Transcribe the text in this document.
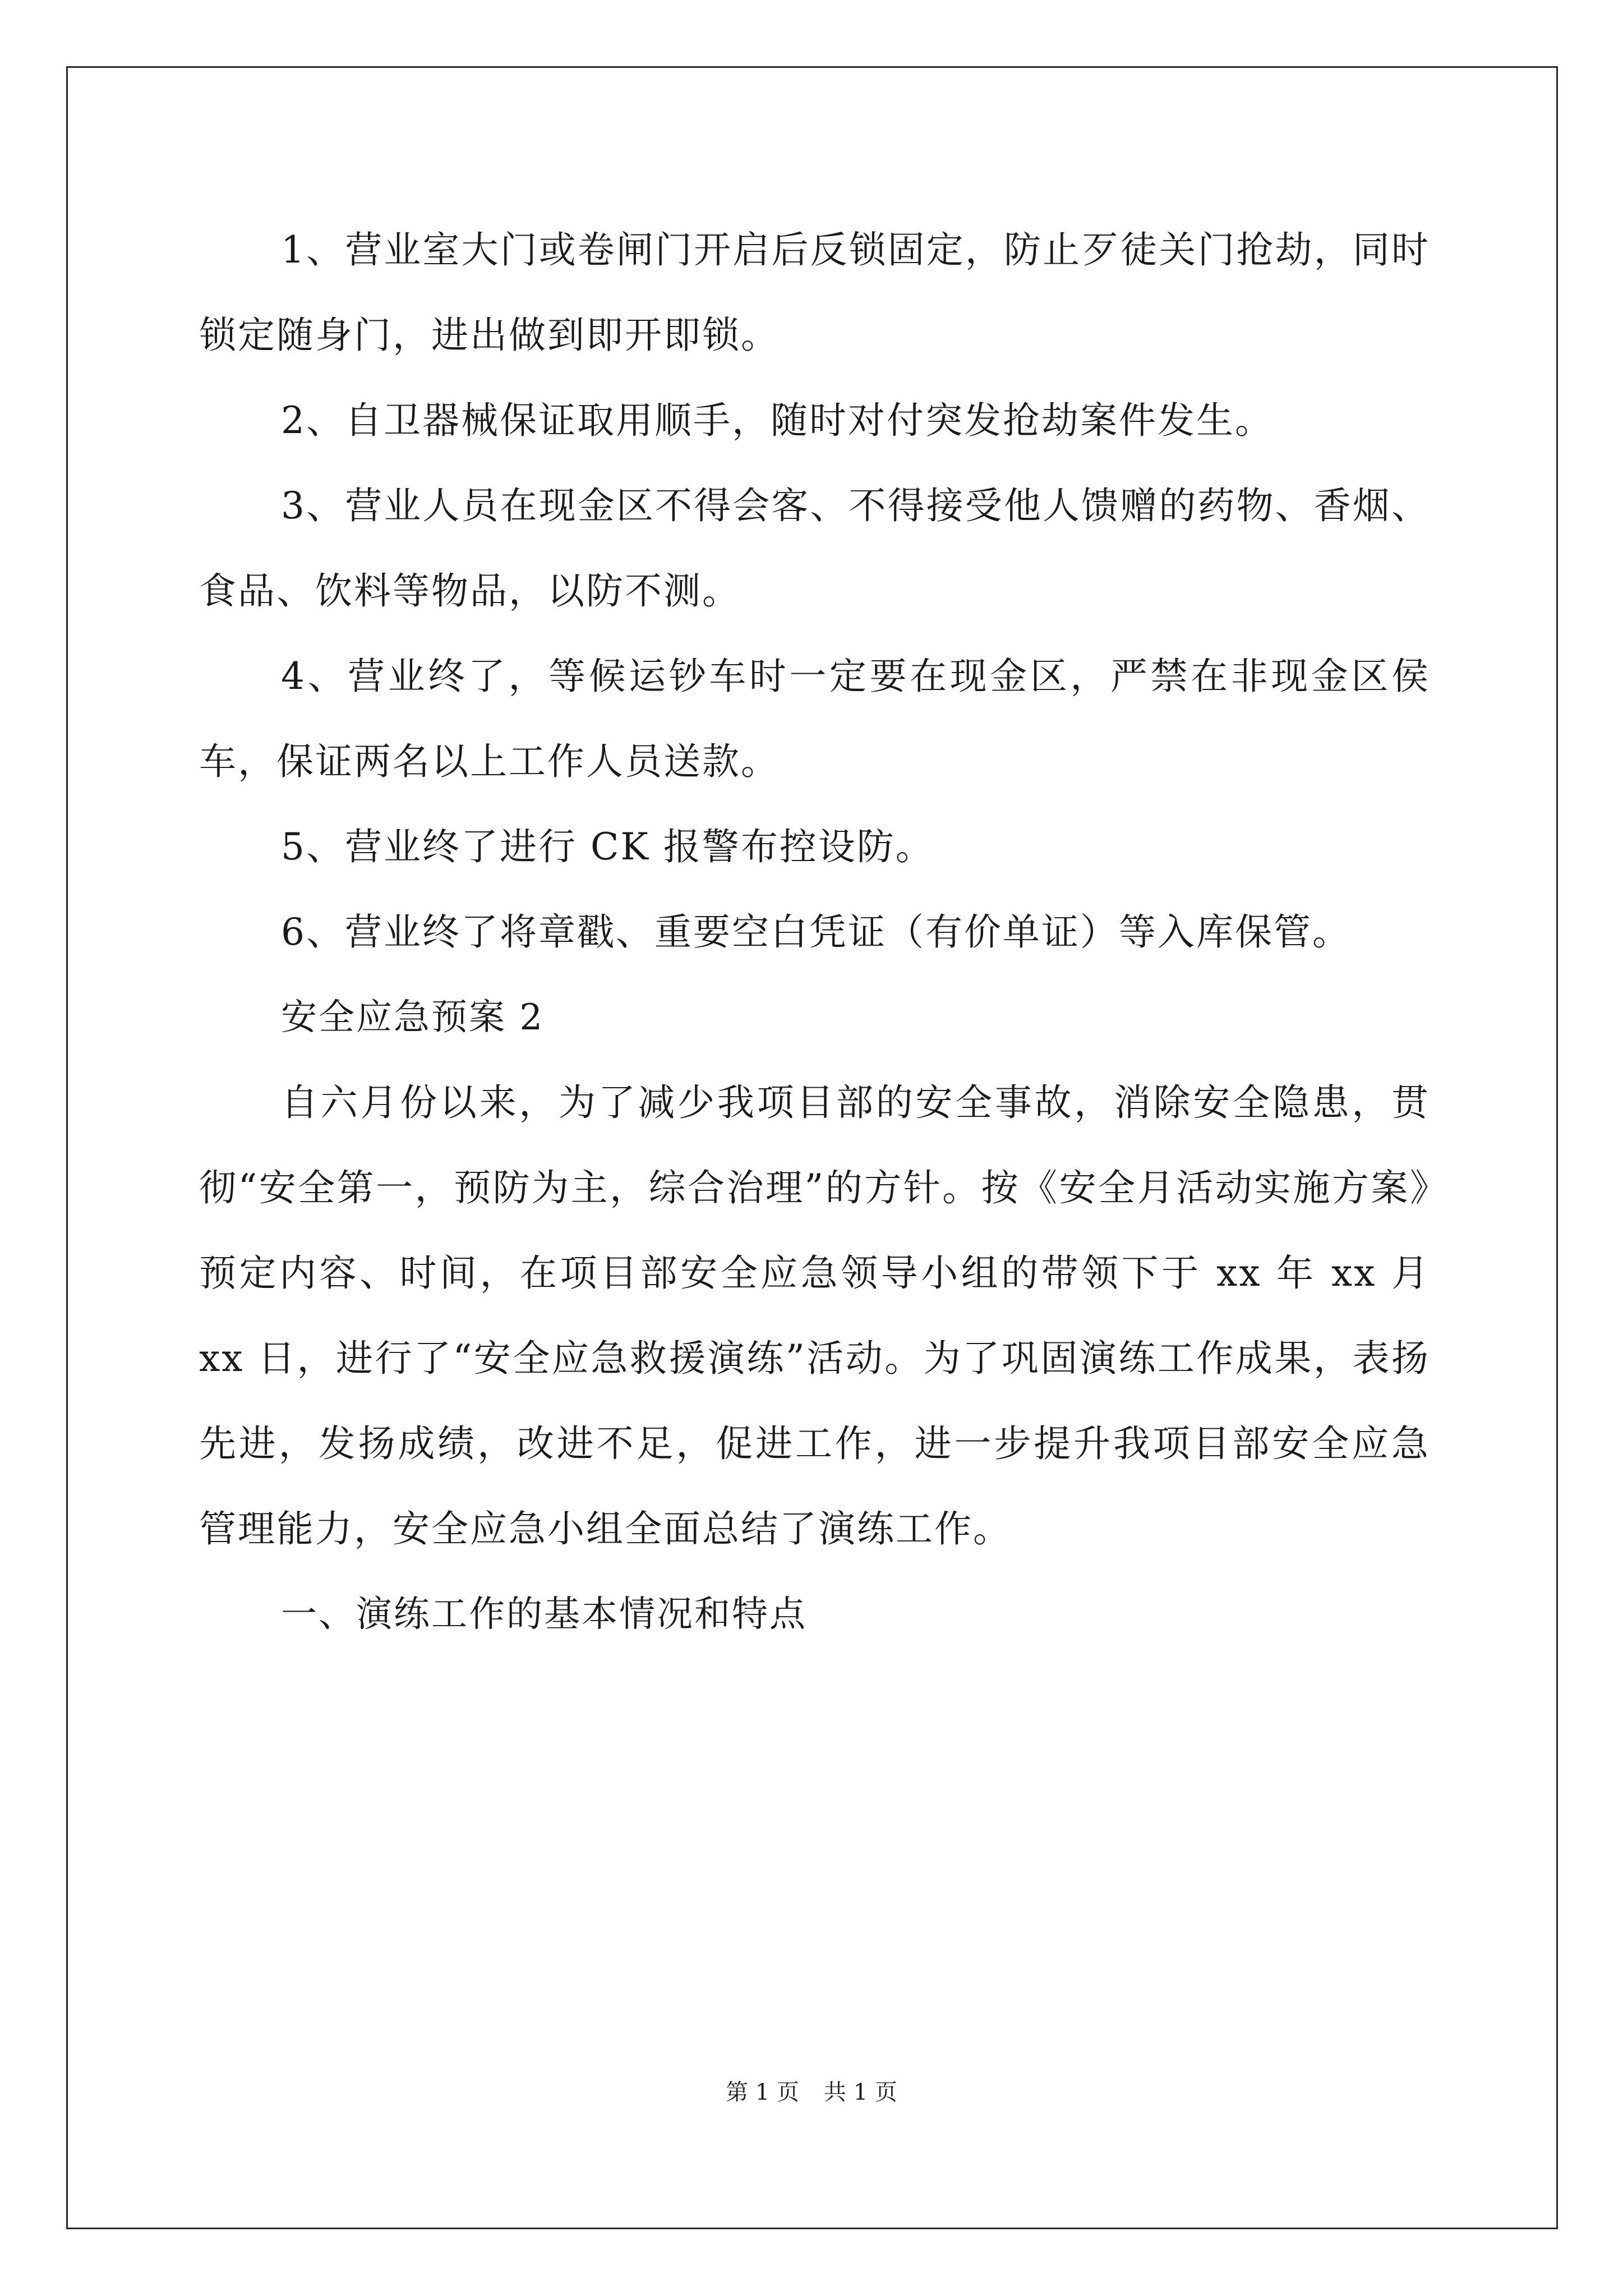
1、营业室大门或卷闸门开启后反锁固定，防止歹徒关门抢劫，同时锁定随身门，进出做到即开即锁。

2、自卫器械保证取用顺手，随时对付突发抢劫案件发生。

3、营业人员在现金区不得会客、不得接受他人馈赠的药物、香烟、食品、饮料等物品，以防不测。

4、营业终了，等候运钞车时一定要在现金区，严禁在非现金区侯车，保证两名以上工作人员送款。

5、营业终了进行 CK 报警布控设防。

6、营业终了将章戳、重要空白凭证（有价单证）等入库保管。

安全应急预案 2

自六月份以来，为了减少我项目部的安全事故，消除安全隐患，贯彻“安全第一，预防为主，综合治理”的方针。按《安全月活动实施方案》预定内容、时间，在项目部安全应急领导小组的带领下于 xx 年 xx 月 xx 日，进行了“安全应急救援演练”活动。为了巩固演练工作成果，表扬先进，发扬成绩，改进不足，促进工作，进一步提升我项目部安全应急管理能力，安全应急小组全面总结了演练工作。

一、演练工作的基本情况和特点

第 1 页 共 1 页
